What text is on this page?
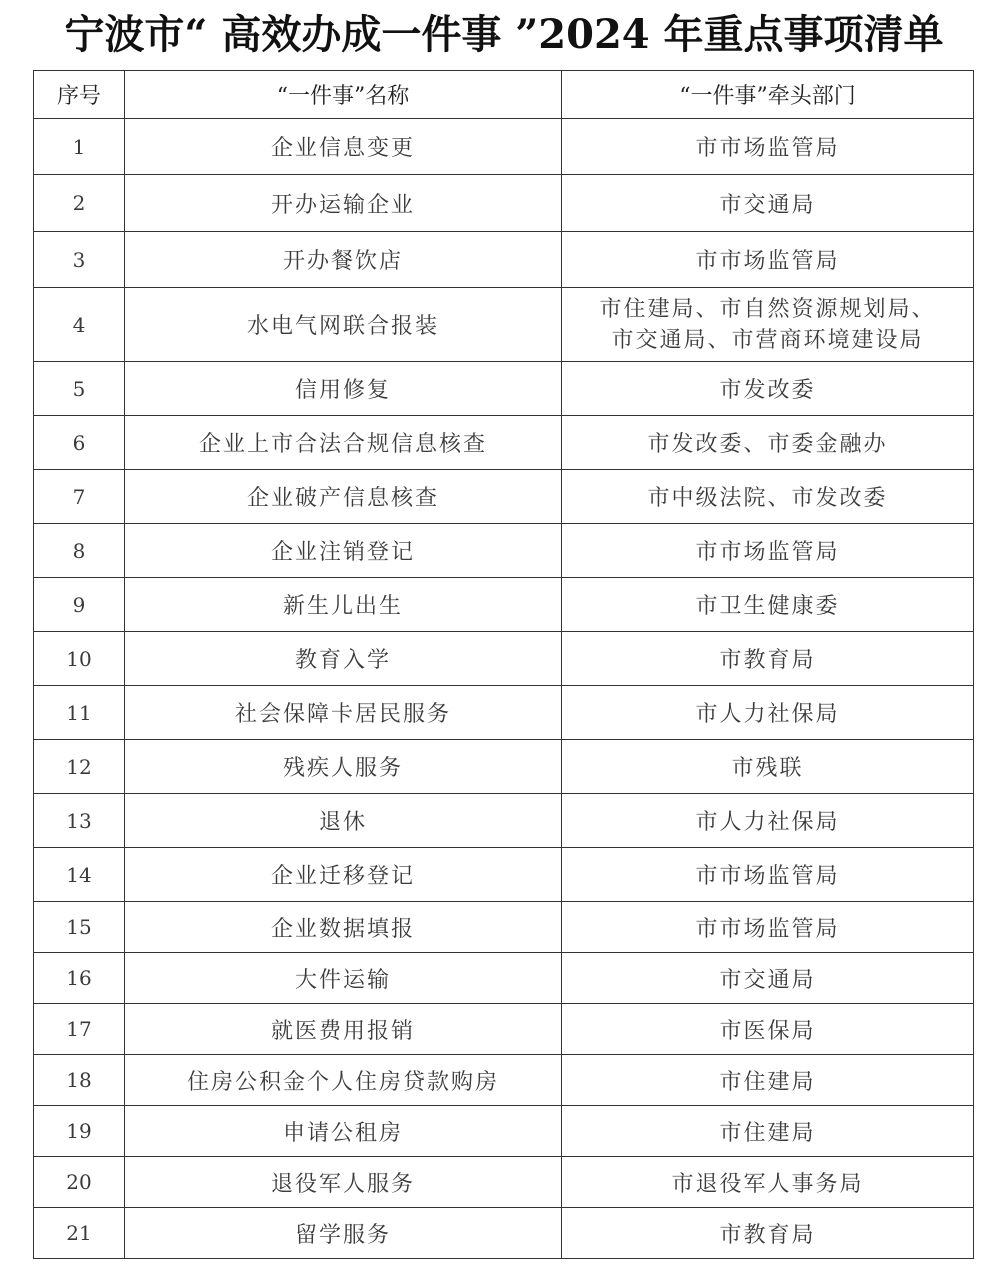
宁波市“ 高效办成一件事 ”2024 年重点事项清单
序号	“一件事”名称	“一件事”牵头部门
1	企业信息变更	市市场监管局
2	开办运输企业	市交通局
3	开办餐饮店	市市场监管局
4	水电气网联合报装	市住建局、市自然资源规划局、
市交通局、市营商环境建设局

5	信用修复	市发改委
6	企业上市合法合规信息核查	市发改委、市委金融办
7	企业破产信息核查	市中级法院、市发改委
8	企业注销登记	市市场监管局
9	新生儿出生	市卫生健康委
10	教育入学	市教育局
11	社会保障卡居民服务	市人力社保局
12	残疾人服务	市残联
13	退休	市人力社保局
14	企业迁移登记	市市场监管局
15	企业数据填报	市市场监管局
16	大件运输	市交通局
17	就医费用报销	市医保局
18	住房公积金个人住房贷款购房	市住建局
19	申请公租房	市住建局
20	退役军人服务	市退役军人事务局
21	留学服务	市教育局
